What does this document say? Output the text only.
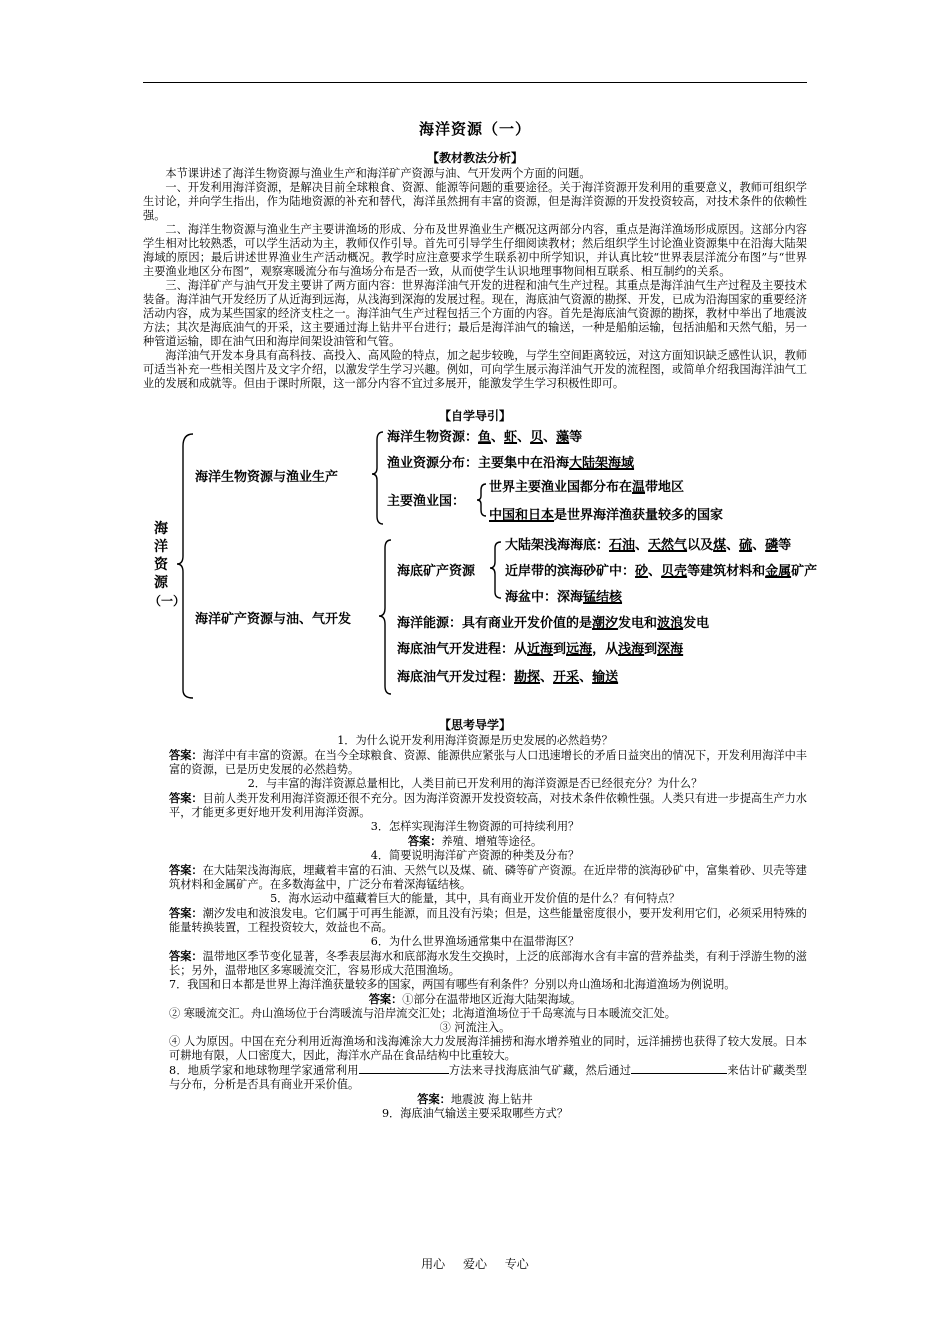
海洋资源（一）
【教材教法分析】

本节课讲述了海洋生物资源与渔业生产和海洋矿产资源与油、气开发两个方面的问题。

一、开发利用海洋资源，是解决目前全球粮食、资源、能源等问题的重要途径。关于海洋资源开发利用的重要意义，教师可组织学生讨论，并向学生指出，作为陆地资源的补充和替代，海洋虽然拥有丰富的资源，但是海洋资源的开发投资较高，对技术条件的依赖性强。

二、海洋生物资源与渔业生产主要讲渔场的形成、分布及世界渔业生产概况这两部分内容，重点是海洋渔场形成原因。这部分内容学生相对比较熟悉，可以学生活动为主，教师仅作引导。首先可引导学生仔细阅读教材；然后组织学生讨论渔业资源集中在沿海大陆架海域的原因；最后讲述世界渔业生产活动概况。教学时应注意要求学生联系初中所学知识，并认真比较“世界表层洋流分布图”与“世界主要渔业地区分布图”，观察寒暖流分布与渔场分布是否一致，从而使学生认识地理事物间相互联系、相互制约的关系。

三、海洋矿产与油气开发主要讲了两方面内容：世界海洋油气开发的进程和油气生产过程。其重点是海洋油气生产过程及主要技术装备。海洋油气开发经历了从近海到远海，从浅海到深海的发展过程。现在，海底油气资源的勘探、开发，已成为沿海国家的重要经济活动内容，成为某些国家的经济支柱之一。海洋油气生产过程包括三个方面的内容。首先是海底油气资源的勘探，教材中举出了地震波方法；其次是海底油气的开采，这主要通过海上钻井平台进行；最后是海洋油气的输送，一种是船舶运输，包括油船和天然气船，另一种管道运输，即在油气田和海岸间架设油管和气管。

海洋油气开发本身具有高科技、高投入、高风险的特点，加之起步较晚，与学生空间距离较远，对这方面知识缺乏感性认识，教师可适当补充一些相关图片及文字介绍，以激发学生学习兴趣。例如，可向学生展示海洋油气开发的流程图，或简单介绍我国海洋油气工业的发展和成就等。但由于课时所限，这一部分内容不宜过多展开，能激发学生学习积极性即可。

【自学导引】
海
洋
资
源
（一）
海洋生物资源与渔业生产
海洋生物资源：鱼、虾、贝、藻等
渔业资源分布：主要集中在沿海大陆架海域
主要渔业国：
世界主要渔业国都分布在温带地区
中国和日本是世界海洋渔获量较多的国家
海洋矿产资源与油、气开发
海底矿产资源
大陆架浅海海底：石油、天然气以及煤、硫、磷等
近岸带的滨海砂矿中：砂、贝壳等建筑材料和金属矿产
海盆中：深海锰结核
海洋能源：具有商业开发价值的是潮汐发电和波浪发电
海底油气开发进程：从近海到远海，从浅海到深海
海底油气开发过程：勘探、开采、输送
【思考导学】

1．为什么说开发利用海洋资源是历史发展的必然趋势？

答案：海洋中有丰富的资源。在当今全球粮食、资源、能源供应紧张与人口迅速增长的矛盾日益突出的情况下，开发利用海洋中丰富的资源，已是历史发展的必然趋势。

2．与丰富的海洋资源总量相比，人类目前已开发利用的海洋资源是否已经很充分？为什么？

答案：目前人类开发利用海洋资源还很不充分。因为海洋资源开发投资较高，对技术条件依赖性强。人类只有进一步提高生产力水平，才能更多更好地开发利用海洋资源。

3．怎样实现海洋生物资源的可持续利用？

答案：养殖、增殖等途径。

4．简要说明海洋矿产资源的种类及分布？

答案：在大陆架浅海海底，埋藏着丰富的石油、天然气以及煤、硫、磷等矿产资源。在近岸带的滨海砂矿中，富集着砂、贝壳等建筑材料和金属矿产。在多数海盆中，广泛分布着深海锰结核。

5．海水运动中蕴藏着巨大的能量，其中，具有商业开发价值的是什么？有何特点？

答案：潮汐发电和波浪发电。它们属于可再生能源，而且没有污染；但是，这些能量密度很小，要开发利用它们，必须采用特殊的能量转换装置，工程投资较大，效益也不高。

6．为什么世界渔场通常集中在温带海区？

答案：温带地区季节变化显著，冬季表层海水和底部海水发生交换时，上泛的底部海水含有丰富的营养盐类，有利于浮游生物的滋长；另外，温带地区多寒暖流交汇，容易形成大范围渔场。

7．我国和日本都是世界上海洋渔获量较多的国家，两国有哪些有利条件？分别以舟山渔场和北海道渔场为例说明。

答案：①部分在温带地区近海大陆架海域。

② 寒暖流交汇。舟山渔场位于台湾暖流与沿岸流交汇处；北海道渔场位于千岛寒流与日本暖流交汇处。

③ 河流注入。

④ 人为原因。中国在充分利用近海渔场和浅海滩涂大力发展海洋捕捞和海水增养殖业的同时，远洋捕捞也获得了较大发展。日本可耕地有限，人口密度大，因此，海洋水产品在食品结构中比重较大。

8．地质学家和地球物理学家通常利用	方法来寻找海底油气矿藏，然后通过	来估计矿藏类型与分布，分析是否具有商业开采价值。

答案：地震波 海上钻井

9．海底油气输送主要采取哪些方式？

用心 爱心 专心
